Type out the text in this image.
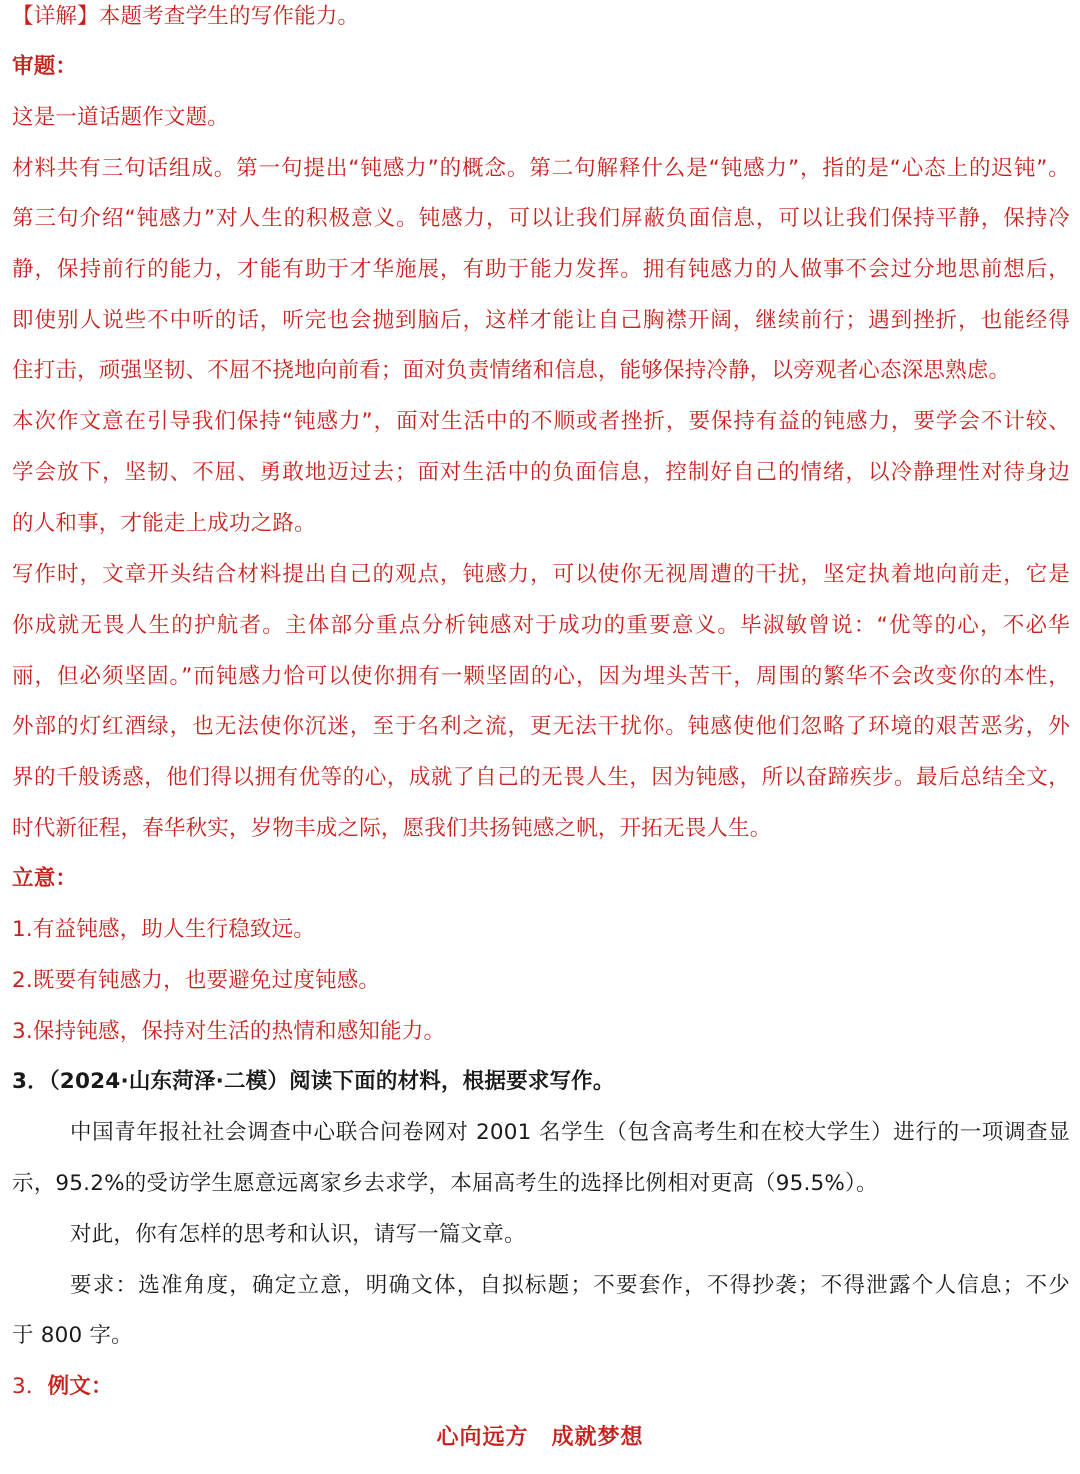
【详解】本题考查学生的写作能力。
审题：
这是一道话题作文题。
材料共有三句话组成。第一句提出“钝感力”的概念。第二句解释什么是“钝感力”，指的是“心态上的迟钝”。
第三句介绍“钝感力”对人生的积极意义。钝感力，可以让我们屏蔽负面信息，可以让我们保持平静，保持冷
静，保持前行的能力，才能有助于才华施展，有助于能力发挥。拥有钝感力的人做事不会过分地思前想后，
即使别人说些不中听的话，听完也会抛到脑后，这样才能让自己胸襟开阔，继续前行；遇到挫折，也能经得
住打击，顽强坚韧、不屈不挠地向前看；面对负责情绪和信息，能够保持冷静，以旁观者心态深思熟虑。
本次作文意在引导我们保持“钝感力”，面对生活中的不顺或者挫折，要保持有益的钝感力，要学会不计较、
学会放下，坚韧、不屈、勇敢地迈过去；面对生活中的负面信息，控制好自己的情绪，以冷静理性对待身边
的人和事，才能走上成功之路。
写作时，文章开头结合材料提出自己的观点，钝感力，可以使你无视周遭的干扰，坚定执着地向前走，它是
你成就无畏人生的护航者。主体部分重点分析钝感对于成功的重要意义。毕淑敏曾说：“优等的心，不必华
丽，但必须坚固。”而钝感力恰可以使你拥有一颗坚固的心，因为埋头苦干，周围的繁华不会改变你的本性，
外部的灯红酒绿，也无法使你沉迷，至于名利之流，更无法干扰你。钝感使他们忽略了环境的艰苦恶劣，外
界的千般诱惑，他们得以拥有优等的心，成就了自己的无畏人生，因为钝感，所以奋蹄疾步。最后总结全文，
时代新征程，春华秋实，岁物丰成之际，愿我们共扬钝感之帆，开拓无畏人生。
立意：
1.有益钝感，助人生行稳致远。
2.既要有钝感力，也要避免过度钝感。
3.保持钝感，保持对生活的热情和感知能力。
3．（2024·山东菏泽·二模）阅读下面的材料，根据要求写作。
中国青年报社社会调查中心联合问卷网对 2001 名学生（包含高考生和在校大学生）进行的一项调查显
示，95.2%的受访学生愿意远离家乡去求学，本届高考生的选择比例相对更高（95.5%）。
对此，你有怎样的思考和认识，请写一篇文章。
要求：选准角度，确定立意，明确文体，自拟标题；不要套作，不得抄袭；不得泄露个人信息；不少
于 800 字。
3．例文：
心向远方　成就梦想
